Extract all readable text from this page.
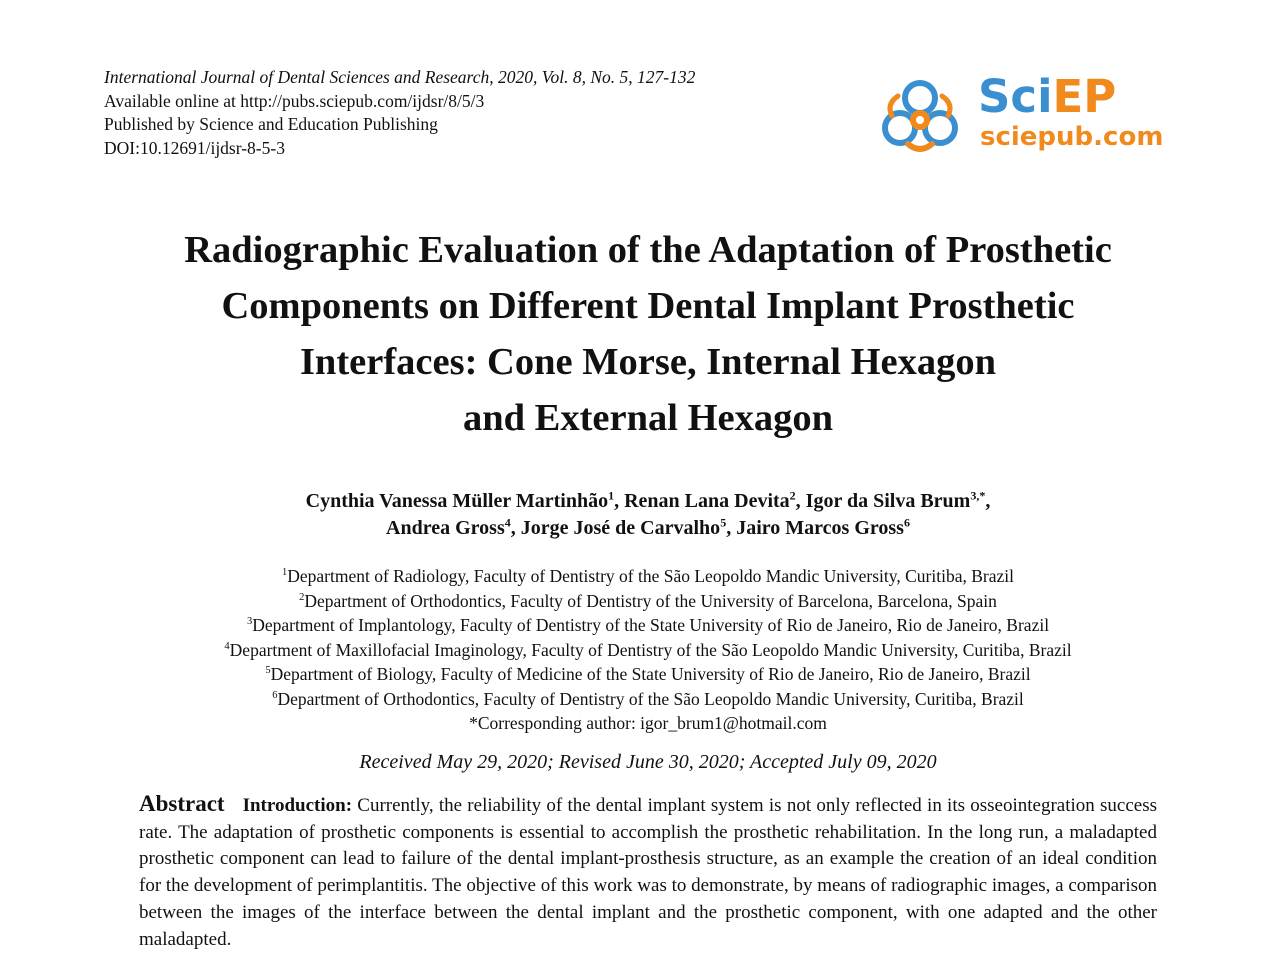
International Journal of Dental Sciences and Research, 2020, Vol. 8, No. 5, 127-132
Available online at http://pubs.sciepub.com/ijdsr/8/5/3
Published by Science and Education Publishing
DOI:10.12691/ijdsr-8-5-3
SciEP
sciepub.com
Radiographic Evaluation of the Adaptation of Prosthetic
Components on Different Dental Implant Prosthetic
Interfaces: Cone Morse, Internal Hexagon
and External Hexagon
Cynthia Vanessa Müller Martinhão$^1$, Renan Lana Devita$^2$, Igor da Silva Brum$^{3,*}$,
Andrea Gross$^4$, Jorge José de Carvalho$^5$, Jairo Marcos Gross$^6$
$^1$Department of Radiology, Faculty of Dentistry of the São Leopoldo Mandic University, Curitiba, Brazil
$^2$Department of Orthodontics, Faculty of Dentistry of the University of Barcelona, Barcelona, Spain
$^3$Department of Implantology, Faculty of Dentistry of the State University of Rio de Janeiro, Rio de Janeiro, Brazil
$^4$Department of Maxillofacial Imaginology, Faculty of Dentistry of the São Leopoldo Mandic University, Curitiba, Brazil
$^5$Department of Biology, Faculty of Medicine of the State University of Rio de Janeiro, Rio de Janeiro, Brazil
$^6$Department of Orthodontics, Faculty of Dentistry of the São Leopoldo Mandic University, Curitiba, Brazil
*Corresponding author: igor_brum1@hotmail.com
Received May 29, 2020; Revised June 30, 2020; Accepted July 09, 2020
Abstract Introduction: Currently, the reliability of the dental implant system is not only reflected in its osseointegration success rate. The adaptation of prosthetic components is essential to accomplish the prosthetic rehabilitation. In the long run, a maladapted prosthetic component can lead to failure of the dental implant-prosthesis structure, as an example the creation of an ideal condition for the development of perimplantitis. The objective of this work was to demonstrate, by means of radiographic images, a comparison between the images of the interface between the dental implant and the prosthetic component, with one adapted and the other maladapted.
